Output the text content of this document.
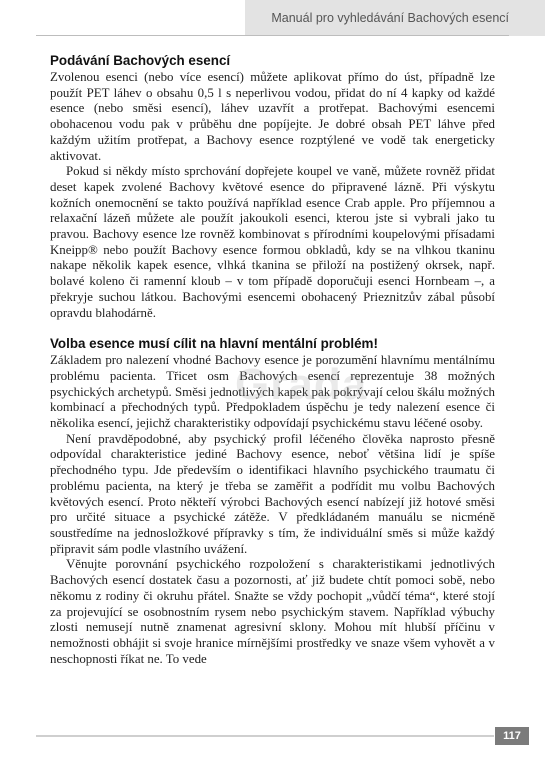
Manuál pro vyhledávání Bachových esencí
Podávání Bachových esencí

Zvolenou esenci (nebo více esencí) můžete aplikovat přímo do úst, případně lze použít PET láhev o obsahu 0,5 l s neperlivou vodou, přidat do ní 4 kapky od každé esence (nebo směsi esencí), láhev uzavřít a protřepat. Bachovými esencemi obohacenou vodu pak v průběhu dne popíjejte. Je dobré obsah PET láhve před každým užitím protřepat, a Bachovy esence rozptýlené ve vodě tak energeticky aktivovat.

Pokud si někdy místo sprchování dopřejete koupel ve vaně, můžete rovněž přidat deset kapek zvolené Bachovy květové esence do připravené lázně. Při výskytu kožních onemocnění se takto používá například esence Crab apple. Pro příjemnou a relaxační lázeň můžete ale použít jakoukoli esenci, kterou jste si vybrali jako tu pravou. Bachovy esence lze rovněž kombinovat s přírodními koupelovými přísadami Kneipp® nebo použít Bachovy esence formou obkladů, kdy se na vlhkou tkaninu nakape několik kapek esence, vlhká tkanina se přiloží na postižený okrsek, např. bolavé koleno či ramenní kloub – v tom případě doporučuji esenci Hornbeam –, a překryje suchou látkou. Bachovými esencemi obohacený Prieznitzův zábal působí opravdu blahodárně.

Volba esence musí cílit na hlavní mentální problém!

Základem pro nalezení vhodné Bachovy esence je porozumění hlavnímu mentálnímu problému pacienta. Třicet osm Bachových esencí reprezentuje 38 možných psychických archetypů. Směsi jednotlivých kapek pak pokrývají celou škálu možných kombinací a přechodných typů. Předpokladem úspěchu je tedy nalezení esence či několika esencí, jejichž charakteristiky odpovídají psychickému stavu léčené osoby.

Není pravděpodobné, aby psychický profil léčeného člověka naprosto přesně odpovídal charakteristice jediné Bachovy esence, neboť většina lidí je spíše přechodného typu. Jde především o identifikaci hlavního psychického traumatu či problému pacienta, na který je třeba se zaměřit a podřídit mu volbu Bachových květových esencí. Proto někteří výrobci Bachových esencí nabízejí již hotové směsi pro určité situace a psychické zátěže. V předkládaném manuálu se nicméně soustředíme na jednosložkové přípravky s tím, že individuální směs si může každý připravit sám podle vlastního uvážení.

Věnujte porovnání psychického rozpoložení s charakteristikami jednotlivých Bachových esencí dostatek času a pozornosti, ať již budete chtít pomoci sobě, nebo někomu z rodiny či okruhu přátel. Snažte se vždy pochopit „vůdčí téma“, které stojí za projevující se osobnostním rysem nebo psychickým stavem. Například výbuchy zlosti nemusejí nutně znamenat agresivní sklony. Mohou mít hlubší příčinu v nemožnosti obhájit si svoje hranice mírnějšími prostředky ve snaze všem vyhovět a v neschopnosti říkat ne. To vede

Grada
117
